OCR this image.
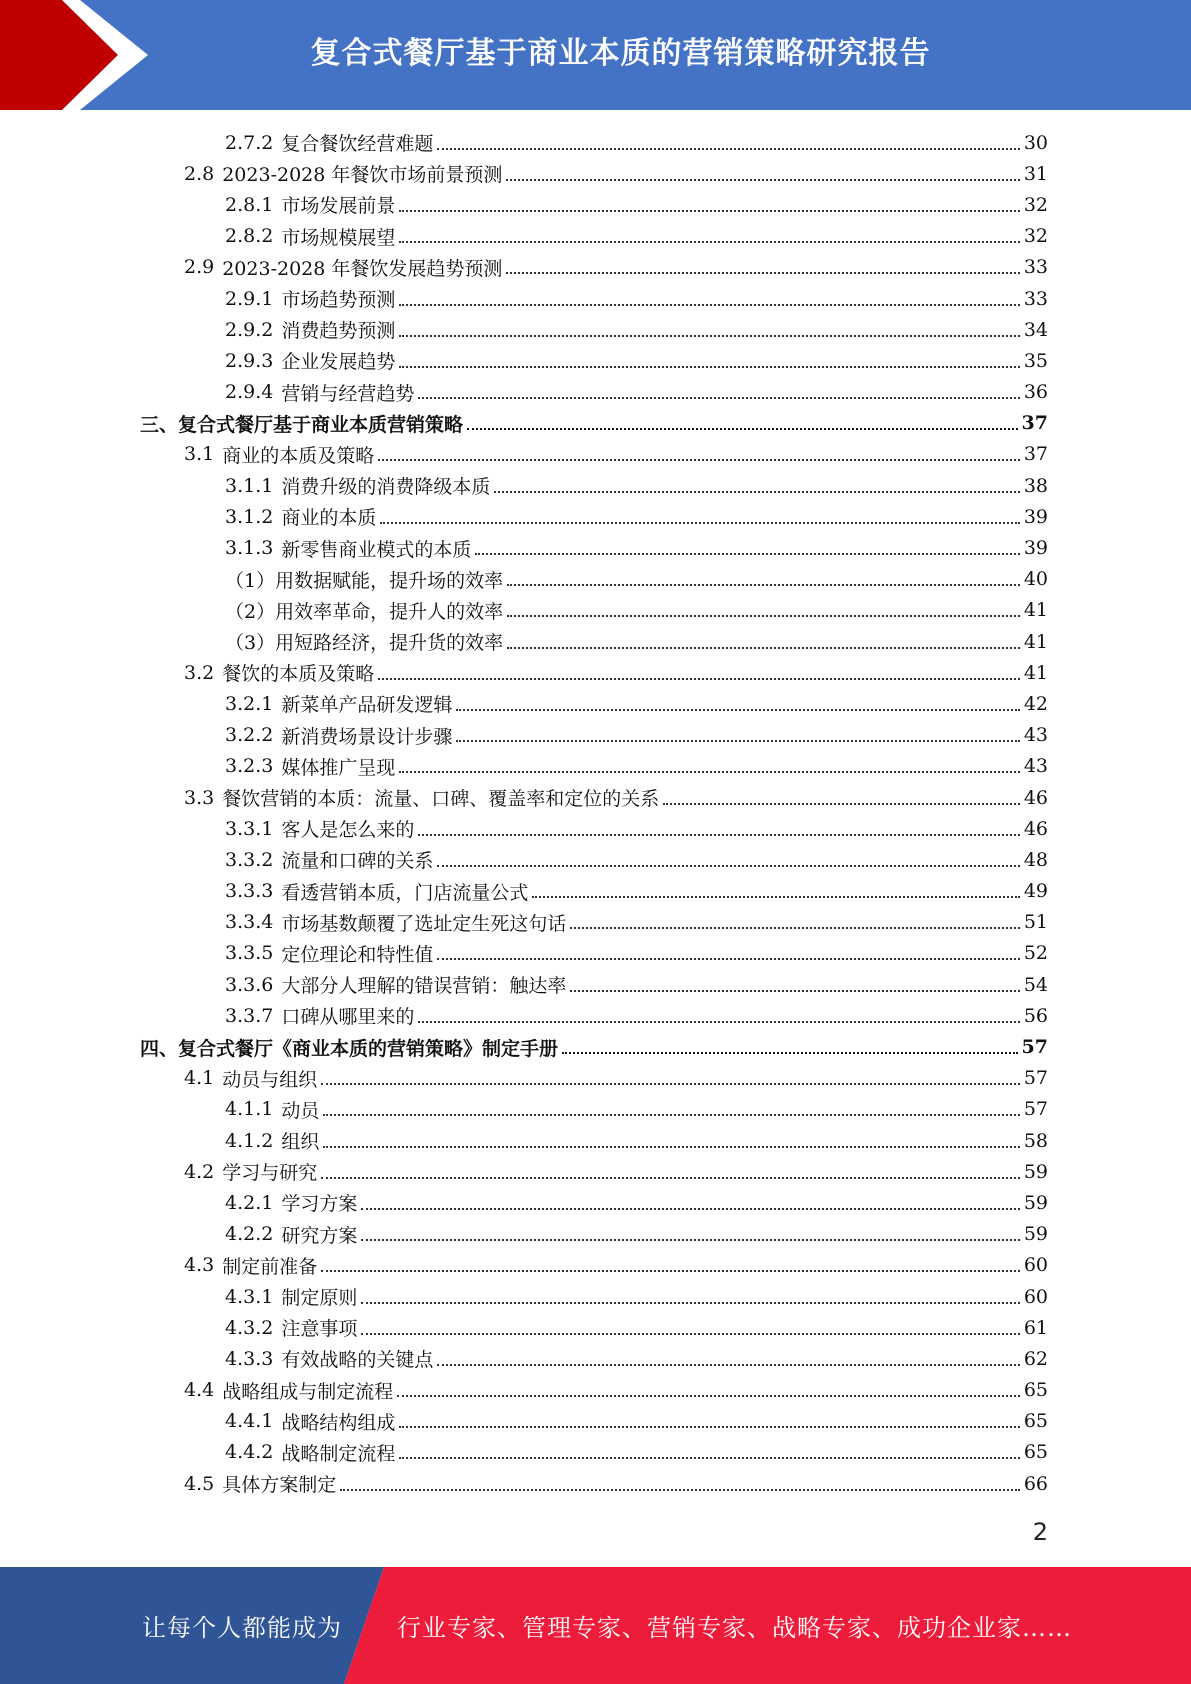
复合式餐厅基于商业本质的营销策略研究报告
2.7.2 复合餐饮经营难题	30
2.8 2023-2028 年餐饮市场前景预测	31
2.8.1 市场发展前景	32
2.8.2 市场规模展望	32
2.9 2023-2028 年餐饮发展趋势预测	33
2.9.1 市场趋势预测	33
2.9.2 消费趋势预测	34
2.9.3 企业发展趋势	35
2.9.4 营销与经营趋势	36
三、 复合式餐厅基于商业本质营销策略	37
3.1 商业的本质及策略	37
3.1.1 消费升级的消费降级本质	38
3.1.2 商业的本质	39
3.1.3 新零售商业模式的本质	39
（1） 用数据赋能，提升场的效率	40
（2） 用效率革命，提升人的效率	41
（3） 用短路经济，提升货的效率	41
3.2 餐饮的本质及策略	41
3.2.1 新菜单产品研发逻辑	42
3.2.2 新消费场景设计步骤	43
3.2.3 媒体推广呈现	43
3.3 餐饮营销的本质：流量、口碑、覆盖率和定位的关系	46
3.3.1 客人是怎么来的	46
3.3.2 流量和口碑的关系	48
3.3.3 看透营销本质，门店流量公式	49
3.3.4 市场基数颠覆了选址定生死这句话	51
3.3.5 定位理论和特性值	52
3.3.6 大部分人理解的错误营销：触达率	54
3.3.7 口碑从哪里来的	56
四、 复合式餐厅《商业本质的营销策略》制定手册	57
4.1 动员与组织	57
4.1.1 动员	57
4.1.2 组织	58
4.2 学习与研究	59
4.2.1 学习方案	59
4.2.2 研究方案	59
4.3 制定前准备	60
4.3.1 制定原则	60
4.3.2 注意事项	61
4.3.3 有效战略的关键点	62
4.4 战略组成与制定流程	65
4.4.1 战略结构组成	65
4.4.2 战略制定流程	65
4.5 具体方案制定	66
2
让每个人都能成为 行业专家、管理专家、营销专家、战略专家、成功企业家……
